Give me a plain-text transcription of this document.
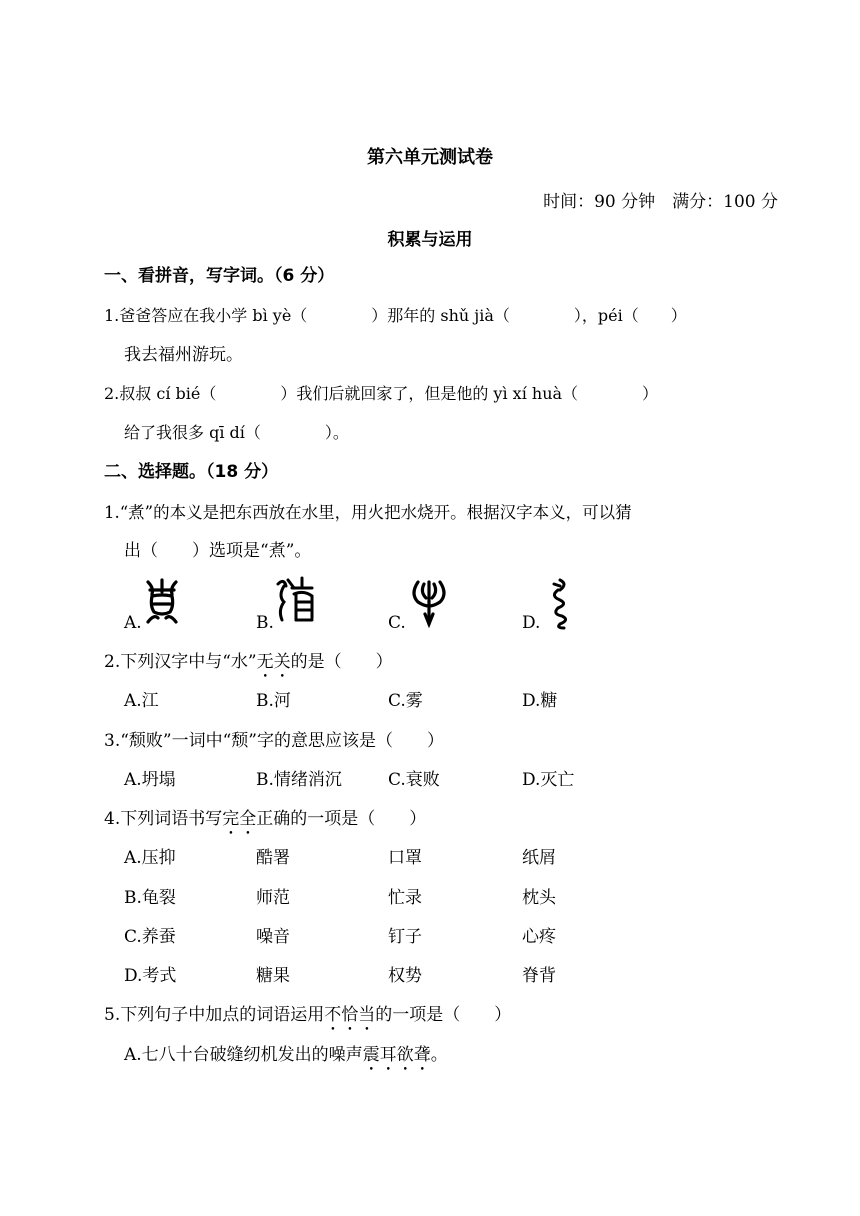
第六单元测试卷
时间：90 分钟　满分：100 分
积累与运用
一、看拼音，写字词。（6 分）
1.爸爸答应在我小学 bì yè（　　　　）那年的 shǔ jià（　　　　），péi（　　）
我去福州游玩。
2.叔叔 cí bié（　　　　）我们后就回家了，但是他的 yì xí huà（　　　　）
给了我很多 qī dí（　　　　）。
二、选择题。（18 分）
1.“煮”的本义是把东西放在水里，用火把水烧开。根据汉字本义，可以猜
出（　　）选项是“煮”。
A.	B.	C.	D.
2.下列汉字中与“水”无关的是（　　）
A.江	B.河	C.雾	D.糖
3.“颓败”一词中“颓”字的意思应该是（　　）
A.坍塌	B.情绪消沉	C.衰败	D.灭亡
4.下列词语书写完全正确的一项是（　　）
A.压抑	酷署	口罩	纸屑
B.龟裂	师范	忙录	枕头
C.养蚕	噪音	钉子	心疼
D.考式	糖果	权势	脊背
5.下列句子中加点的词语运用不恰当的一项是（　　）
A.七八十台破缝纫机发出的噪声震耳欲聋。
